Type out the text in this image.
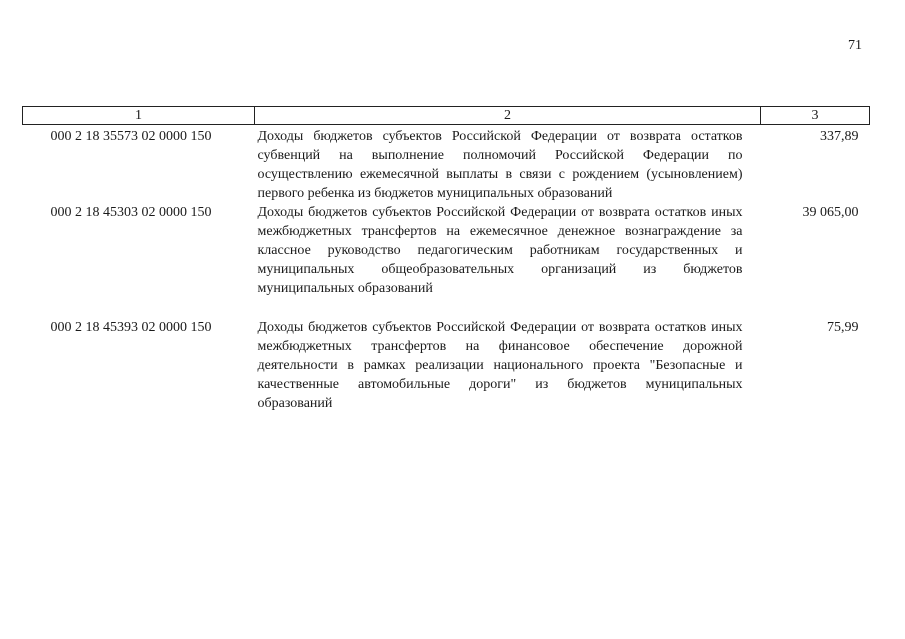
71
1	2	3
000 2 18 35573 02 0000 150	Доходы бюджетов субъектов Российской Федерации от возврата остатков субвенций на выполнение полномочий Российской Федерации по осуществлению ежемесячной выплаты в связи с рождением (усыновлением) первого ребенка из бюджетов муниципальных образований	337,89
000 2 18 45303 02 0000 150	Доходы бюджетов субъектов Российской Федерации от возврата остатков иных межбюджетных трансфертов на ежемесячное денежное вознаграждение за классное руководство педагогическим работникам государственных и муниципальных общеобразовательных организаций из бюджетов муниципальных образований	39 065,00
000 2 18 45393 02 0000 150	Доходы бюджетов субъектов Российской Федерации от возврата остатков иных межбюджетных трансфертов на финансовое обеспечение дорожной деятельности в рамках реализации национального проекта "Безопасные и качественные автомобильные дороги" из бюджетов муниципальных образований	75,99
